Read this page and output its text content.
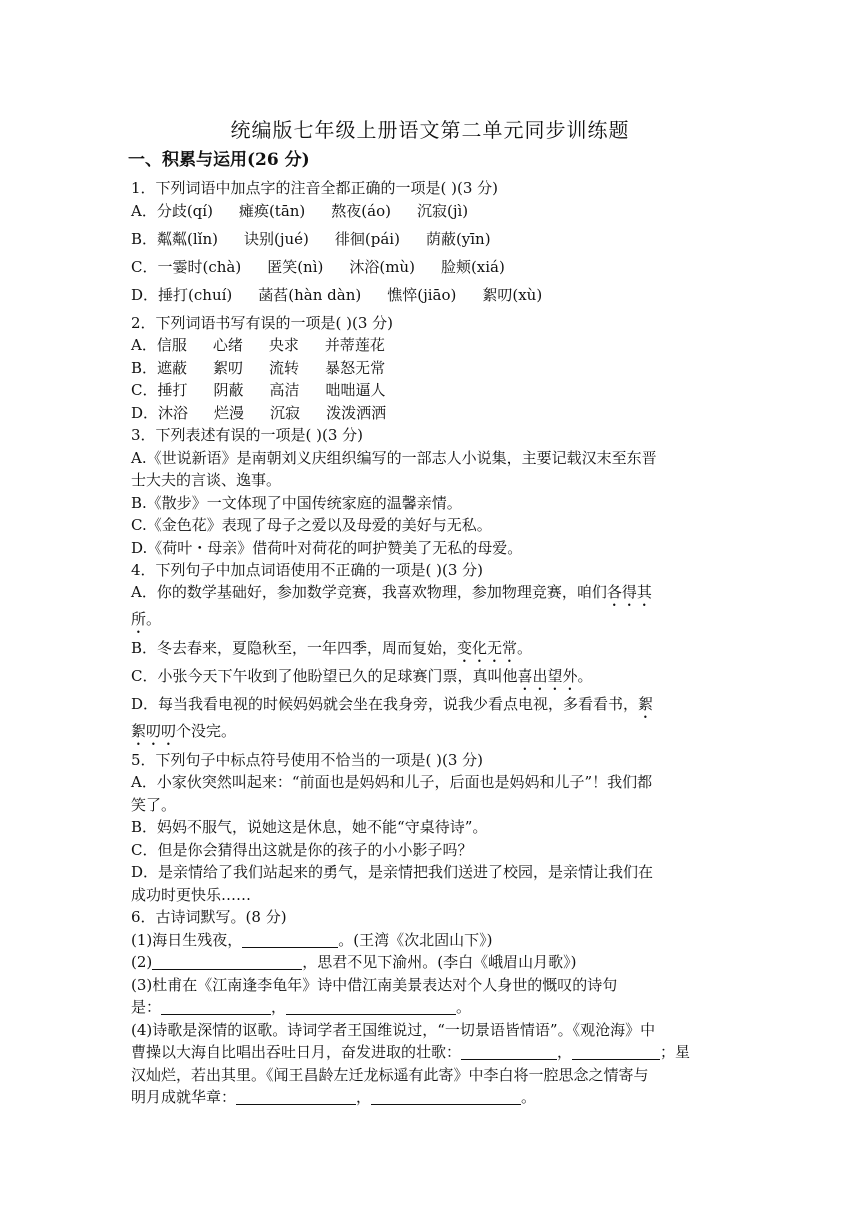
统编版七年级上册语文第二单元同步训练题
一、积累与运用(26 分)
1．下列词语中加点字的注音全都正确的一项是( )(3 分)
A．分歧(qí) 瘫痪(tān) 熬夜(áo) 沉寂(jì)
B．粼粼(lǐn) 诀别(jué) 徘徊(pái) 荫蔽(yīn)
C．一霎时(chà) 匿笑(nì) 沐浴(mù) 脸颊(xiá)
D．捶打(chuí) 菡萏(hàn dàn) 憔悴(jiāo) 絮叨(xù)
2．下列词语书写有误的一项是( )(3 分)
A．信服 心绪 央求 并蒂莲花
B．遮蔽 絮叨 流转 暴怒无常
C．捶打 阴蔽 高洁 咄咄逼人
D．沐浴 烂漫 沉寂 泼泼洒洒
3．下列表述有误的一项是( )(3 分)
A.《世说新语》是南朝刘义庆组织编写的一部志人小说集，主要记载汉末至东晋
士大夫的言谈、逸事。
B.《散步》一文体现了中国传统家庭的温馨亲情。
C.《金色花》表现了母子之爱以及母爱的美好与无私。
D.《荷叶・母亲》借荷叶对荷花的呵护赞美了无私的母爱。
4．下列句子中加点词语使用不正确的一项是( )(3 分)
A．你的数学基础好，参加数学竞赛，我喜欢物理，参加物理竞赛，咱们各得其
所。
B．冬去春来，夏隐秋至，一年四季，周而复始，变化无常。
C．小张今天下午收到了他盼望已久的足球赛门票，真叫他喜出望外。
D．每当我看电视的时候妈妈就会坐在我身旁，说我少看点电视，多看看书，絮
絮叨叨个没完。
5．下列句子中标点符号使用不恰当的一项是( )(3 分)
A．小家伙突然叫起来：“前面也是妈妈和儿子，后面也是妈妈和儿子”！我们都
笑了。
B．妈妈不服气，说她这是休息，她不能“守桌待诗”。
C．但是你会猜得出这就是你的孩子的小小影子吗？
D．是亲情给了我们站起来的勇气，是亲情把我们送进了校园，是亲情让我们在
成功时更快乐……
6．古诗词默写。(8 分)
(1)海日生残夜，	。(王湾《次北固山下》)
(2)	，思君不见下渝州。(李白《峨眉山月歌》)
(3)杜甫在《江南逢李龟年》诗中借江南美景表达对个人身世的慨叹的诗句
是：	，	。
(4)诗歌是深情的讴歌。诗词学者王国维说过，“一切景语皆情语”。《观沧海》中
曹操以大海自比唱出吞吐日月，奋发进取的壮歌：	，	；星
汉灿烂，若出其里。《闻王昌龄左迁龙标遥有此寄》中李白将一腔思念之情寄与
明月成就华章：	，	。
